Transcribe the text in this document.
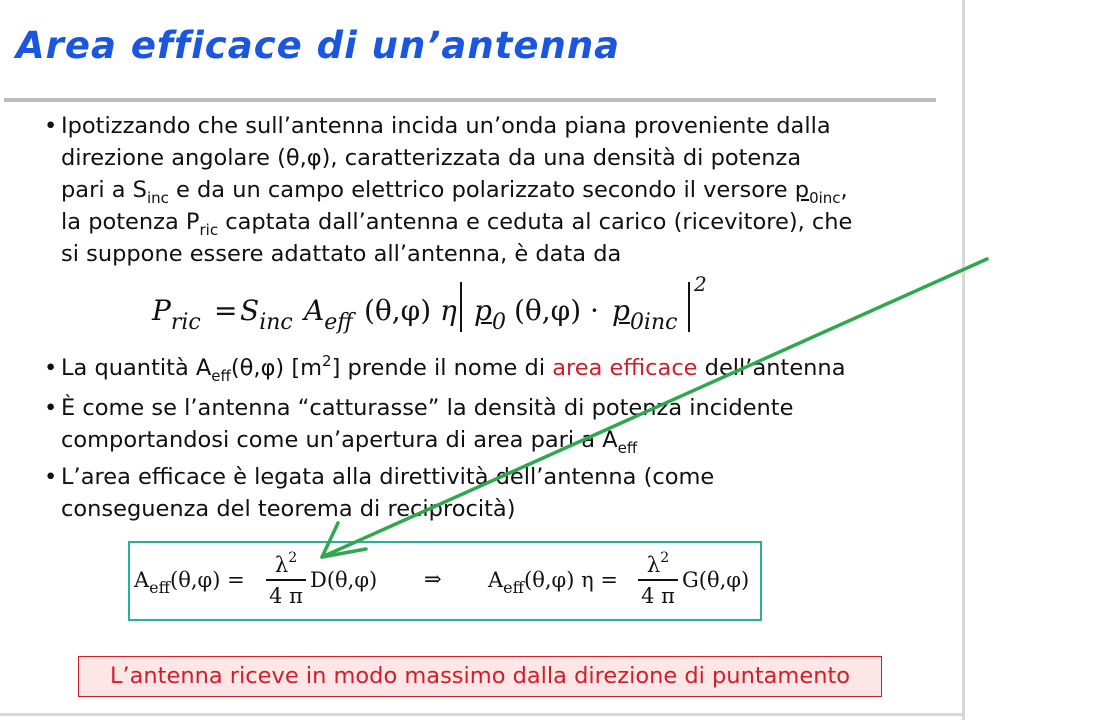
Area efficace di un’antenna
• Ipotizzando che sull’antenna incida un’onda piana proveniente dalla
direzione angolare (θ,φ), caratterizzata da una densità di potenza
pari a $S_{inc}$ e da un campo elettrico polarizzato secondo il versore $p_{0inc}$,
la potenza $P_{ric}$ captata dall’antenna e ceduta al carico (ricevitore), che
si suppone essere adattato all’antenna, è data da
$P_{ric} = S_{inc}$ $A_{eff}$ (θ,φ) η $p_0$ $(\theta,\varphi) \cdot p_{0inc}$
2
• La quantità $A_{eff}(\theta,\varphi)$ $[m^2]$ prende il nome di area efficace dell’antenna
• È come se l’antenna “catturasse” la densità di potenza incidente
comportandosi come un’apertura di area pari a $A_{eff}$
• L’area efficace è legata alla direttività dell’antenna (come
conseguenza del teorema di reciprocità)
$A_{eff}(\theta,\varphi)$ =
$\lambda^2$
4 π
D(θ,φ) ⇒ $A_{eff}(\theta,\varphi) \eta$ =
$\lambda^2$
4 π
G(θ,φ)
L’antenna riceve in modo massimo dalla direzione di puntamento
